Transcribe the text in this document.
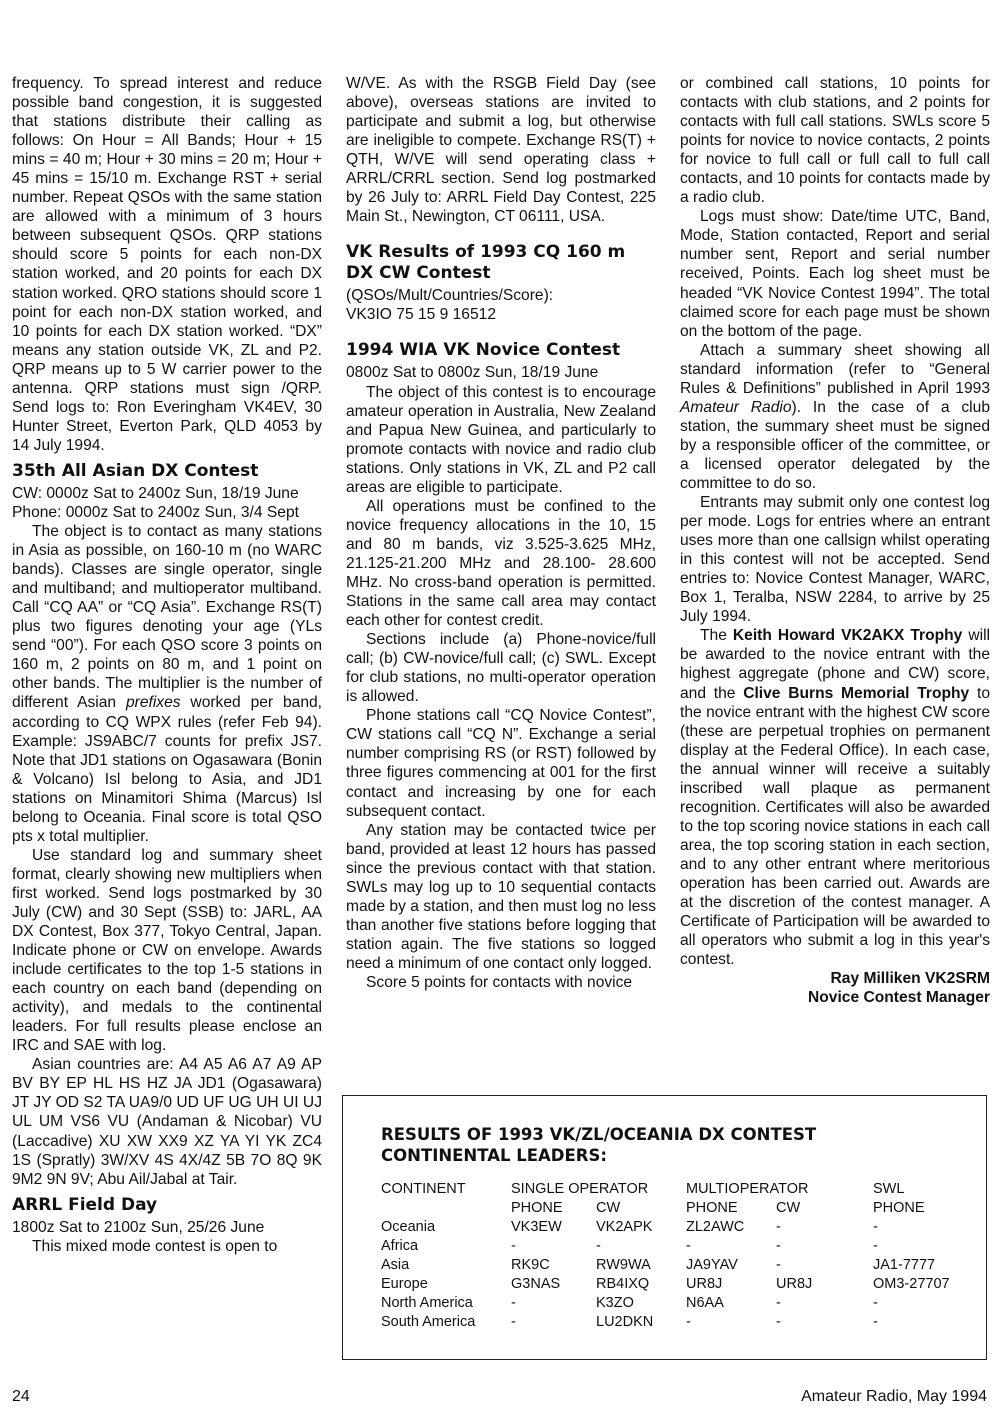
frequency. To spread interest and reduce possible band congestion, it is suggested that stations distribute their calling as follows: On Hour = All Bands; Hour + 15 mins = 40 m; Hour + 30 mins = 20 m; Hour + 45 mins = 15/10 m. Exchange RST + serial number. Repeat QSOs with the same station are allowed with a minimum of 3 hours between subsequent QSOs. QRP stations should score 5 points for each non-DX station worked, and 20 points for each DX station worked. QRO stations should score 1 point for each non-DX station worked, and 10 points for each DX station worked. “DX” means any station outside VK, ZL and P2. QRP means up to 5 W carrier power to the antenna. QRP stations must sign /QRP. Send logs to: Ron Everingham VK4EV, 30 Hunter Street, Everton Park, QLD 4053 by 14 July 1994.

35th All Asian DX Contest

CW: 0000z Sat to 2400z Sun, 18/19 June

Phone: 0000z Sat to 2400z Sun, 3/4 Sept

The object is to contact as many stations in Asia as possible, on 160-10 m (no WARC bands). Classes are single operator, single and multiband; and multioperator multiband. Call “CQ AA” or “CQ Asia”. Exchange RS(T) plus two figures denoting your age (YLs send “00”). For each QSO score 3 points on 160 m, 2 points on 80 m, and 1 point on other bands. The multiplier is the number of different Asian prefixes worked per band, according to CQ WPX rules (refer Feb 94). Example: JS9ABC/7 counts for prefix JS7. Note that JD1 stations on Ogasawara (Bonin & Volcano) Isl belong to Asia, and JD1 stations on Minamitori Shima (Marcus) Isl belong to Oceania. Final score is total QSO pts x total multiplier.

Use standard log and summary sheet format, clearly showing new multipliers when first worked. Send logs postmarked by 30 July (CW) and 30 Sept (SSB) to: JARL, AA DX Contest, Box 377, Tokyo Central, Japan. Indicate phone or CW on envelope. Awards include certificates to the top 1-5 stations in each country on each band (depending on activity), and medals to the continental leaders. For full results please enclose an IRC and SAE with log.

Asian countries are: A4 A5 A6 A7 A9 AP BV BY EP HL HS HZ JA JD1 (Ogasawara) JT JY OD S2 TA UA9/0 UD UF UG UH UI UJ UL UM VS6 VU (Andaman & Nicobar) VU (Laccadive) XU XW XX9 XZ YA YI YK ZC4 1S (Spratly) 3W/XV 4S 4X/4Z 5B 7O 8Q 9K 9M2 9N 9V; Abu Ail/Jabal at Tair.

ARRL Field Day

1800z Sat to 2100z Sun, 25/26 June

This mixed mode contest is open to

W/VE. As with the RSGB Field Day (see above), overseas stations are invited to participate and submit a log, but otherwise are ineligible to compete. Exchange RS(T) + QTH, W/VE will send operating class + ARRL/CRRL section. Send log postmarked by 26 July to: ARRL Field Day Contest, 225 Main St., Newington, CT 06111, USA.

VK Results of 1993 CQ 160 m DX CW Contest

(QSOs/Mult/Countries/Score):

VK3IO 75 15 9 16512

1994 WIA VK Novice Contest

0800z Sat to 0800z Sun, 18/19 June

The object of this contest is to encourage amateur operation in Australia, New Zealand and Papua New Guinea, and particularly to promote contacts with novice and radio club stations. Only stations in VK, ZL and P2 call areas are eligible to participate.

All operations must be confined to the novice frequency allocations in the 10, 15 and 80 m bands, viz 3.525-3.625 MHz, 21.125-21.200 MHz and 28.100- 28.600 MHz. No cross-band operation is permitted. Stations in the same call area may contact each other for contest credit.

Sections include (a) Phone-novice/full call; (b) CW-novice/full call; (c) SWL. Except for club stations, no multi-operator operation is allowed.

Phone stations call “CQ Novice Contest”, CW stations call “CQ N”. Exchange a serial number comprising RS (or RST) followed by three figures commencing at 001 for the first contact and increasing by one for each subsequent contact.

Any station may be contacted twice per band, provided at least 12 hours has passed since the previous contact with that station. SWLs may log up to 10 sequential contacts made by a station, and then must log no less than another five stations before logging that station again. The five stations so logged need a minimum of one contact only logged.

Score 5 points for contacts with novice

or combined call stations, 10 points for contacts with club stations, and 2 points for contacts with full call stations. SWLs score 5 points for novice to novice contacts, 2 points for novice to full call or full call to full call contacts, and 10 points for contacts made by a radio club.

Logs must show: Date/time UTC, Band, Mode, Station contacted, Report and serial number sent, Report and serial number received, Points. Each log sheet must be headed “VK Novice Contest 1994”. The total claimed score for each page must be shown on the bottom of the page.

Attach a summary sheet showing all standard information (refer to “General Rules & Definitions” published in April 1993 Amateur Radio). In the case of a club station, the summary sheet must be signed by a responsible officer of the committee, or a licensed operator delegated by the committee to do so.

Entrants may submit only one contest log per mode. Logs for entries where an entrant uses more than one callsign whilst operating in this contest will not be accepted. Send entries to: Novice Contest Manager, WARC, Box 1, Teralba, NSW 2284, to arrive by 25 July 1994.

The Keith Howard VK2AKX Trophy will be awarded to the novice entrant with the highest aggregate (phone and CW) score, and the Clive Burns Memorial Trophy to the novice entrant with the highest CW score (these are perpetual trophies on permanent display at the Federal Office). In each case, the annual winner will receive a suitably inscribed wall plaque as permanent recognition. Certificates will also be awarded to the top scoring novice stations in each call area, the top scoring station in each section, and to any other entrant where meritorious operation has been carried out. Awards are at the discretion of the contest manager. A Certificate of Participation will be awarded to all operators who submit a log in this year's contest.

Ray Milliken VK2SRM

Novice Contest Manager

RESULTS OF 1993 VK/ZL/OCEANIA DX CONTEST
CONTINENTAL LEADERS:
CONTINENT	SINGLE OPERATOR		MULTIOPERATOR		SWL
	PHONE	CW	PHONE	CW	PHONE
Oceania	VK3EW	VK2APK	ZL2AWC	-	-
Africa	-	-	-	-	-
Asia	RK9C	RW9WA	JA9YAV	-	JA1-7777
Europe	G3NAS	RB4IXQ	UR8J	UR8J	OM3-27707
North America	-	K3ZO	N6AA	-	-
South America	-	LU2DKN	-	-	-
24	Amateur Radio, May 1994
